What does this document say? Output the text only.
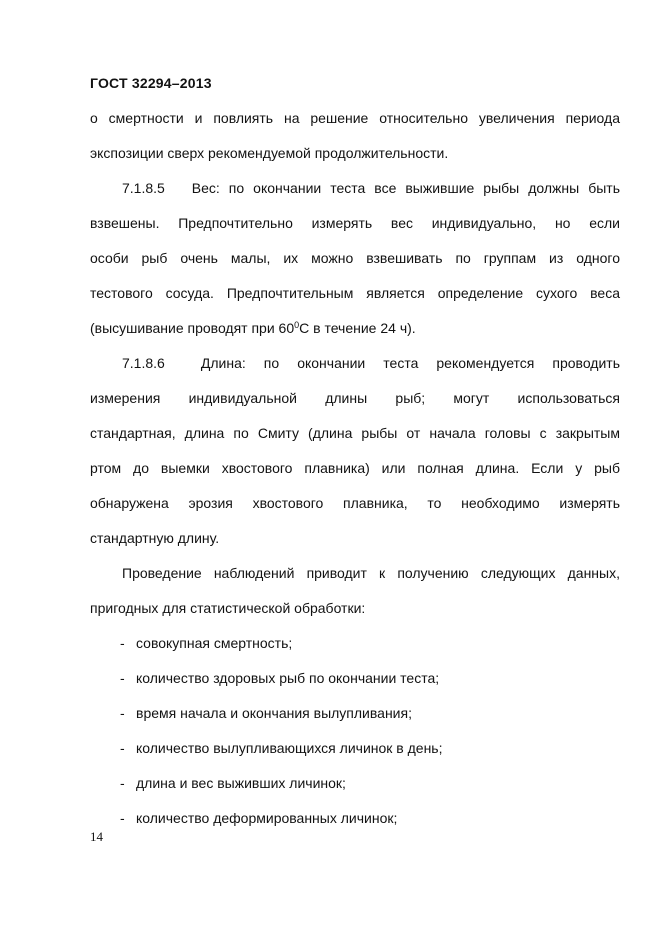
ГОСТ 32294–2013
о смертности и повлиять на решение относительно увеличения периода
экспозиции сверх рекомендуемой продолжительности.
7.1.8.5   Вес: по окончании теста все выжившие рыбы должны быть
взвешены. Предпочтительно измерять вес индивидуально, но если
особи рыб очень малы, их можно взвешивать по группам из одного
тестового сосуда. Предпочтительным является определение сухого веса
(высушивание проводят при $60^0С$ в течение 24 ч).
7.1.8.6  Длина: по окончании теста рекомендуется проводить
измерения индивидуальной длины рыб; могут использоваться
стандартная, длина по Смиту (длина рыбы от начала головы с закрытым
ртом до выемки хвостового плавника) или полная длина. Если у рыб
обнаружена эрозия хвостового плавника, то необходимо измерять
стандартную длину.
Проведение наблюдений приводит к получению следующих данных,
пригодных для статистической обработки:
- совокупная смертность;
- количество здоровых рыб по окончании теста;
- время начала и окончания вылупливания;
- количество вылупливающихся личинок в день;
- длина и вес выживших личинок;
- количество деформированных личинок;
14
